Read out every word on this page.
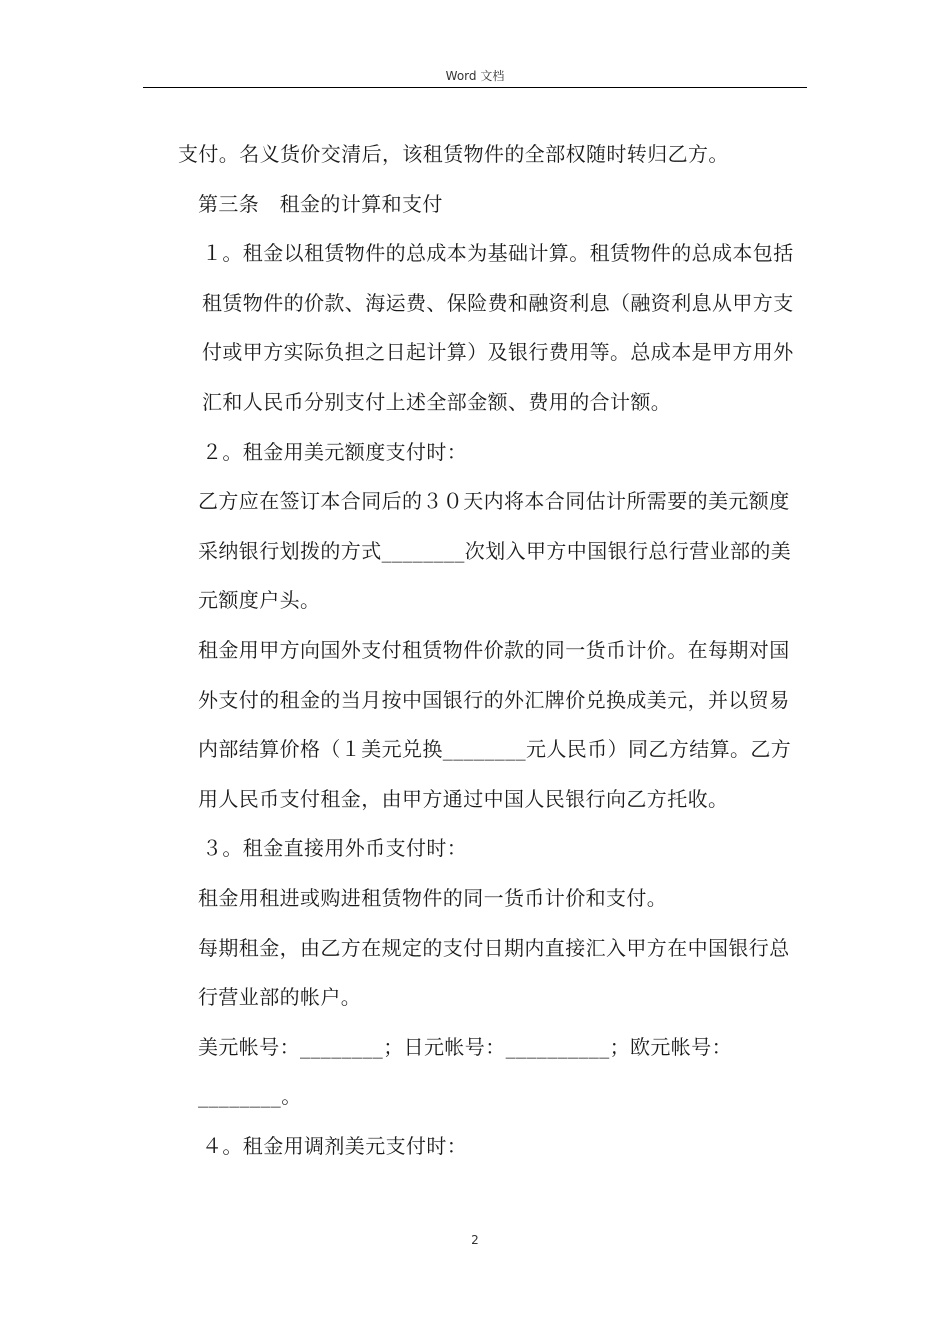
Word 文档

支付。名义货价交清后，该租赁物件的全部权随时转归乙方。

第三条　租金的计算和支付

１。租金以租赁物件的总成本为基础计算。租赁物件的总成本包括租赁物件的价款、海运费、保险费和融资利息（融资利息从甲方支付或甲方实际负担之日起计算）及银行费用等。总成本是甲方用外汇和人民币分别支付上述全部金额、费用的合计额。

２。租金用美元额度支付时：

乙方应在签订本合同后的３０天内将本合同估计所需要的美元额度采纳银行划拨的方式________次划入甲方中国银行总行营业部的美元额度户头。

租金用甲方向国外支付租赁物件价款的同一货币计价。在每期对国外支付的租金的当月按中国银行的外汇牌价兑换成美元，并以贸易内部结算价格（１美元兑换________元人民币）同乙方结算。乙方用人民币支付租金，由甲方通过中国人民银行向乙方托收。

３。租金直接用外币支付时：

租金用租进或购进租赁物件的同一货币计价和支付。

每期租金，由乙方在规定的支付日期内直接汇入甲方在中国银行总行营业部的帐户。

美元帐号：________；日元帐号：__________；欧元帐号：________。

４。租金用调剂美元支付时：

2
